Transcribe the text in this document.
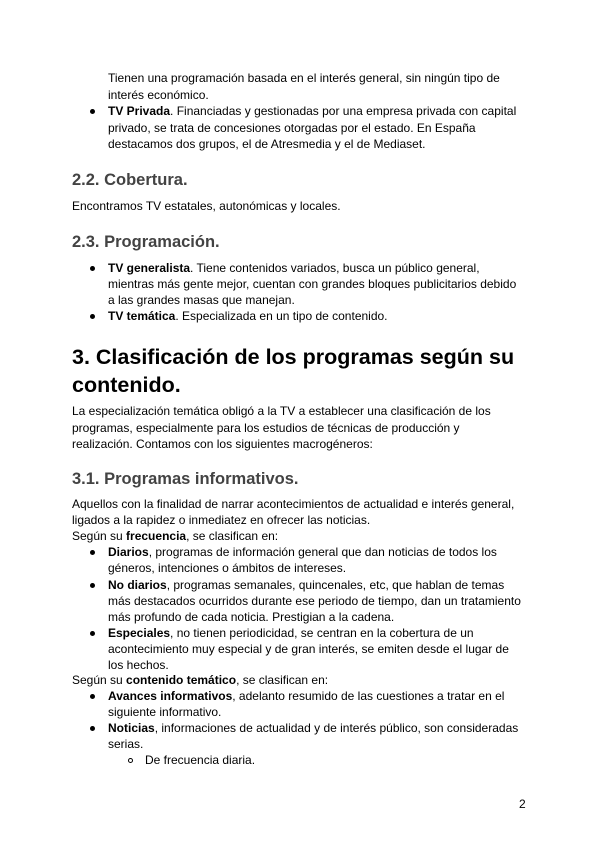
Tienen una programación basada en el interés general, sin ningún tipo de

interés económico.

TV Privada. Financiadas y gestionadas por una empresa privada con capital

privado, se trata de concesiones otorgadas por el estado. En España

destacamos dos grupos, el de Atresmedia y el de Mediaset.

2.2. Cobertura.

Encontramos TV estatales, autonómicas y locales.

2.3. Programación.

TV generalista. Tiene contenidos variados, busca un público general,

mientras más gente mejor, cuentan con grandes bloques publicitarios debido

a las grandes masas que manejan.

TV temática. Especializada en un tipo de contenido.

3. Clasificación de los programas según su
contenido.

La especialización temática obligó a la TV a establecer una clasificación de los

programas, especialmente para los estudios de técnicas de producción y

realización. Contamos con los siguientes macrogéneros:

3.1. Programas informativos.

Aquellos con la finalidad de narrar acontecimientos de actualidad e interés general,

ligados a la rapidez o inmediatez en ofrecer las noticias.

Según su frecuencia, se clasifican en:

Diarios, programas de información general que dan noticias de todos los

géneros, intenciones o ámbitos de intereses.

No diarios, programas semanales, quincenales, etc, que hablan de temas

más destacados ocurridos durante ese periodo de tiempo, dan un tratamiento

más profundo de cada noticia. Prestigian a la cadena.

Especiales, no tienen periodicidad, se centran en la cobertura de un

acontecimiento muy especial y de gran interés, se emiten desde el lugar de

los hechos.

Según su contenido temático, se clasifican en:

Avances informativos, adelanto resumido de las cuestiones a tratar en el

siguiente informativo.

Noticias, informaciones de actualidad y de interés público, son consideradas

serias.

De frecuencia diaria.

2
